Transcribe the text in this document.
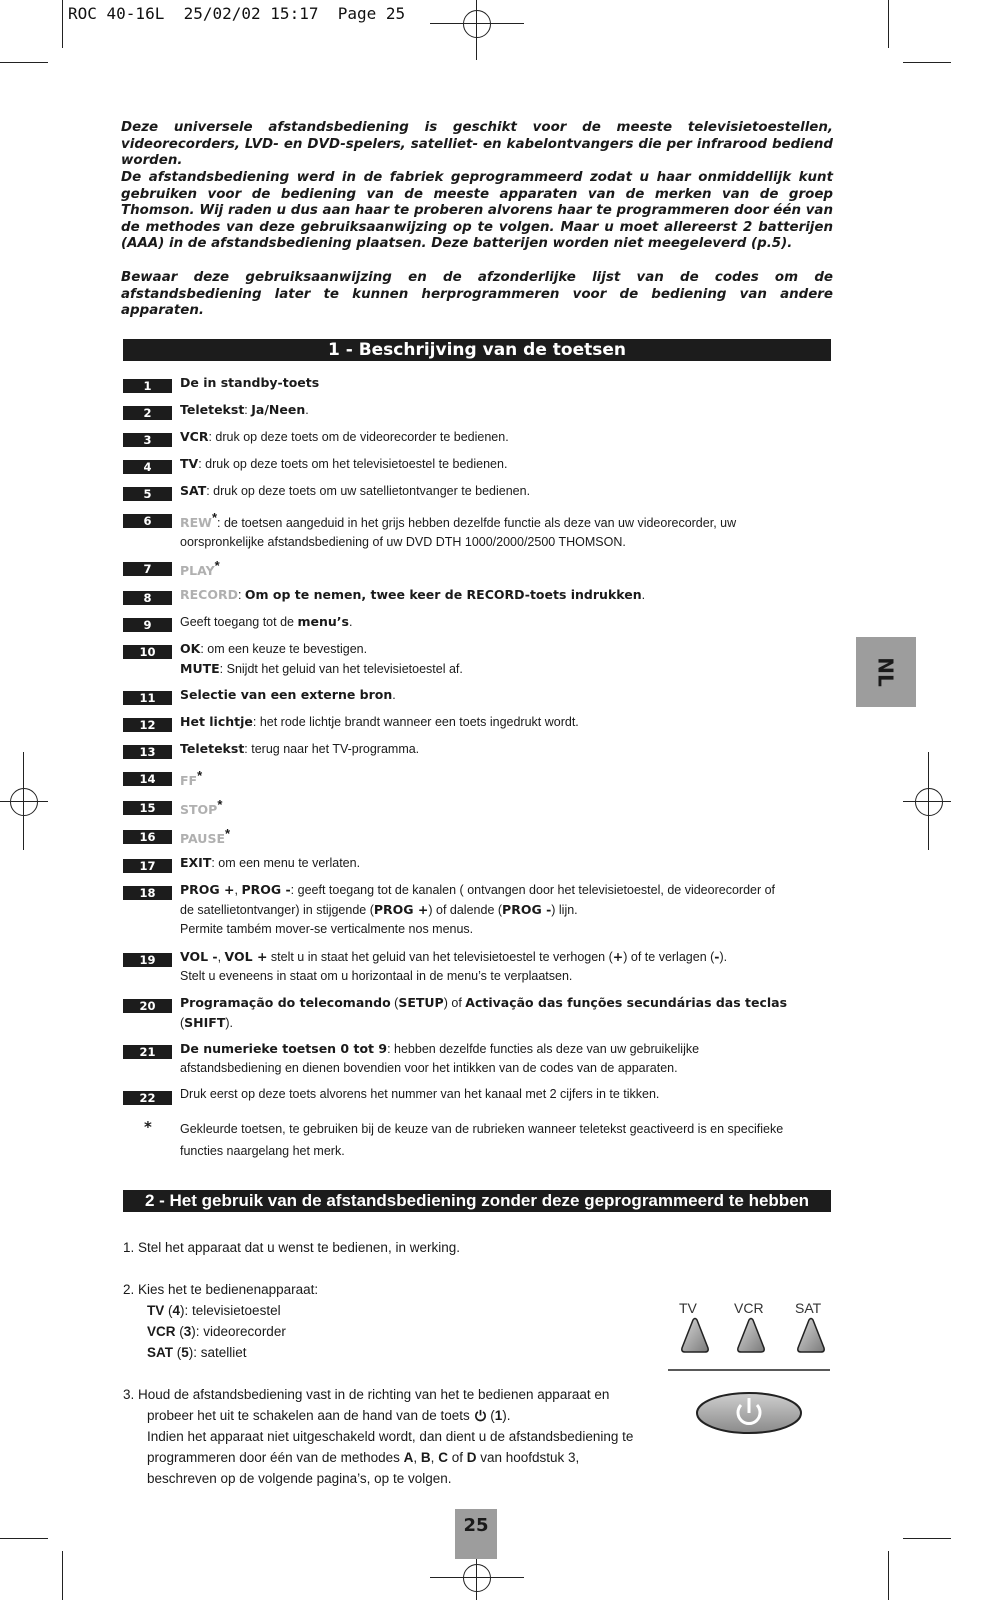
ROC 40-16L 25/02/02 15:17 Page 25
Deze universele afstandsbediening is geschikt voor de meeste televisietoestellen, videorecorders, LVD- en DVD-spelers, satelliet- en kabelontvangers die per infrarood bediend worden.
De afstandsbediening werd in de fabriek geprogrammeerd zodat u haar onmiddellijk kunt gebruiken voor de bediening van de meeste apparaten van de merken van de groep Thomson. Wij raden u dus aan haar te proberen alvorens haar te programmeren door één van de methodes van deze gebruiksaanwijzing op te volgen. Maar u moet allereerst 2 batterijen (AAA) in de afstandsbediening plaatsen. Deze batterijen worden niet meegeleverd (p.5).
Bewaar deze gebruiksaanwijzing en de afzonderlijke lijst van de codes om de afstandsbediening later te kunnen herprogrammeren voor de bediening van andere apparaten.
1 - Beschrijving van de toetsen
1	De in standby-toets
2	Teletekst: Ja/Neen.
3	VCR: druk op deze toets om de videorecorder te bedienen.
4	TV: druk op deze toets om het televisietoestel te bedienen.
5	SAT: druk op deze toets om uw satellietontvanger te bedienen.
6	REW*: de toetsen aangeduid in het grijs hebben dezelfde functie als deze van uw videorecorder, uw
oorspronkelijke afstandsbediening of uw DVD DTH 1000/2000/2500 THOMSON.
7	PLAY*
8	RECORD: Om op te nemen, twee keer de RECORD-toets indrukken.
9	Geeft toegang tot de menu’s.
10	OK: om een keuze te bevestigen.
MUTE: Snijdt het geluid van het televisietoestel af.
11	Selectie van een externe bron.
12	Het lichtje: het rode lichtje brandt wanneer een toets ingedrukt wordt.
13	Teletekst: terug naar het TV-programma.
14	FF*
15	STOP*
16	PAUSE*
17	EXIT: om een menu te verlaten.
18	PROG +, PROG -: geeft toegang tot de kanalen ( ontvangen door het televisietoestel, de videorecorder of
de satellietontvanger) in stijgende (PROG +) of dalende (PROG -) lijn.
Permite também mover-se verticalmente nos menus.
19	VOL -, VOL + stelt u in staat het geluid van het televisietoestel te verhogen (+) of te verlagen (-).
Stelt u eveneens in staat om u horizontaal in de menu’s te verplaatsen.
20	Programação do telecomando (SETUP) of Activação das funções secundárias das teclas
(SHIFT).
21	De numerieke toetsen 0 tot 9: hebben dezelfde functies als deze van uw gebruikelijke
afstandsbediening en dienen bovendien voor het intikken van de codes van de apparaten.
22	Druk eerst op deze toets alvorens het nummer van het kanaal met 2 cijfers in te tikken.
* Gekleurde toetsen, te gebruiken bij de keuze van de rubrieken wanneer teletekst geactiveerd is en specifieke
functies naargelang het merk.
NL
2 - Het gebruik van de afstandsbediening zonder deze geprogrammeerd te hebben
1. Stel het apparaat dat u wenst te bedienen, in werking.
2. Kies het te bedienenapparaat:
TV (4): televisietoestel
VCR (3): videorecorder
SAT (5): satelliet
3. Houd de afstandsbediening vast in de richting van het te bedienen apparaat en
probeer het uit te schakelen aan de hand van de toets  (1).
Indien het apparaat niet uitgeschakeld wordt, dan dient u de afstandsbediening te
programmeren door één van de methodes A, B, C of D van hoofdstuk 3,
beschreven op de volgende pagina’s, op te volgen.
TV	VCR SAT
25
